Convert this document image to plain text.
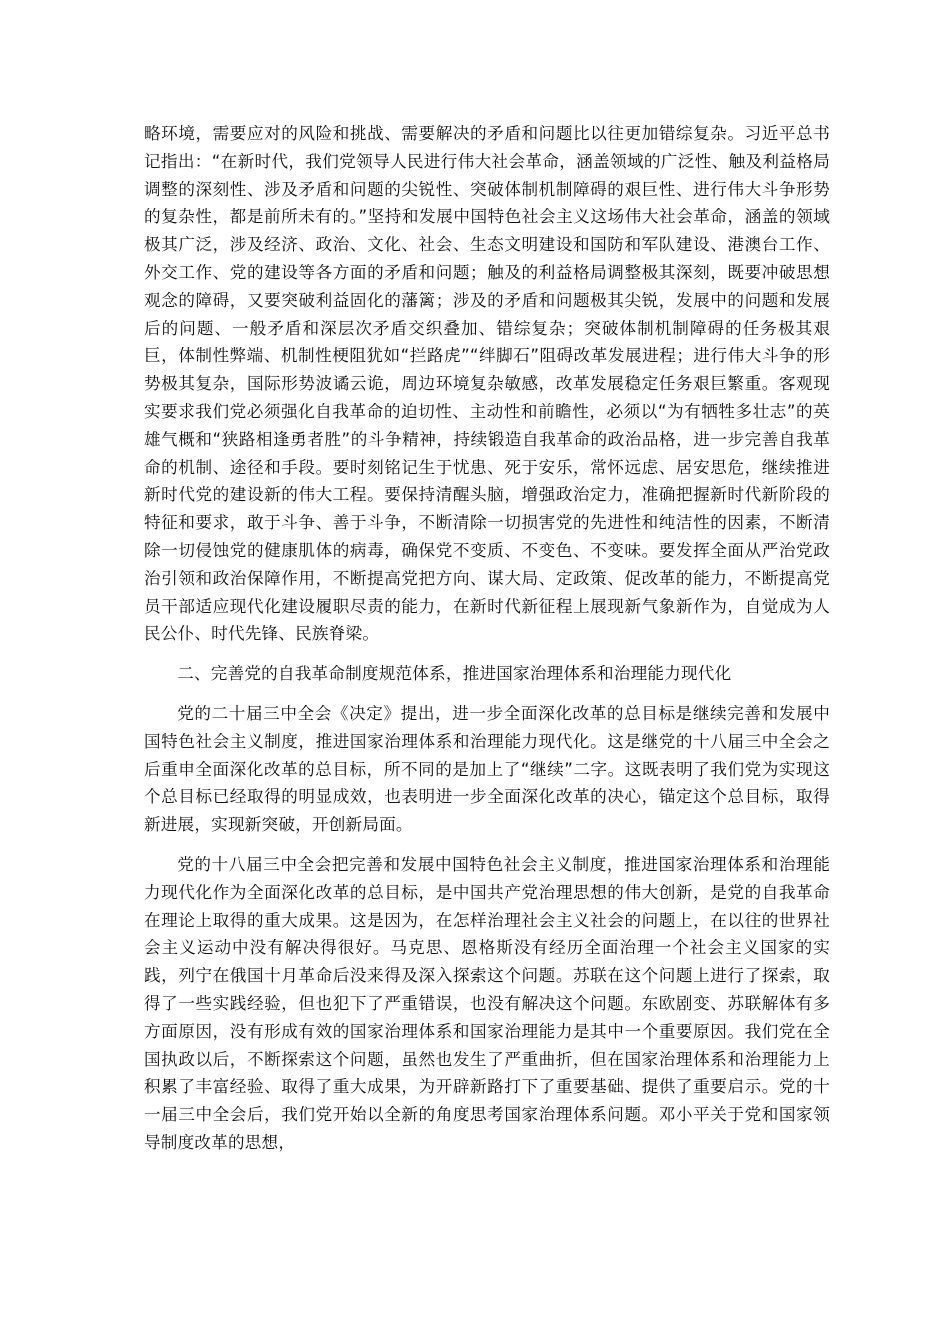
略环境，需要应对的风险和挑战、需要解决的矛盾和问题比以往更加错综复杂。习近平总书记指出：“在新时代，我们党领导人民进行伟大社会革命，涵盖领域的广泛性、触及利益格局调整的深刻性、涉及矛盾和问题的尖锐性、突破体制机制障碍的艰巨性、进行伟大斗争形势的复杂性，都是前所未有的。”坚持和发展中国特色社会主义这场伟大社会革命，涵盖的领域极其广泛，涉及经济、政治、文化、社会、生态文明建设和国防和军队建设、港澳台工作、外交工作、党的建设等各方面的矛盾和问题；触及的利益格局调整极其深刻，既要冲破思想观念的障碍，又要突破利益固化的藩篱；涉及的矛盾和问题极其尖锐，发展中的问题和发展后的问题、一般矛盾和深层次矛盾交织叠加、错综复杂；突破体制机制障碍的任务极其艰巨，体制性弊端、机制性梗阻犹如“拦路虎”“绊脚石”阻碍改革发展进程；进行伟大斗争的形势极其复杂，国际形势波谲云诡，周边环境复杂敏感，改革发展稳定任务艰巨繁重。客观现实要求我们党必须强化自我革命的迫切性、主动性和前瞻性，必须以“为有牺牲多壮志”的英雄气概和“狭路相逢勇者胜”的斗争精神，持续锻造自我革命的政治品格，进一步完善自我革命的机制、途径和手段。要时刻铭记生于忧患、死于安乐，常怀远虑、居安思危，继续推进新时代党的建设新的伟大工程。要保持清醒头脑，增强政治定力，准确把握新时代新阶段的特征和要求，敢于斗争、善于斗争，不断清除一切损害党的先进性和纯洁性的因素，不断清除一切侵蚀党的健康肌体的病毒，确保党不变质、不变色、不变味。要发挥全面从严治党政治引领和政治保障作用，不断提高党把方向、谋大局、定政策、促改革的能力，不断提高党员干部适应现代化建设履职尽责的能力，在新时代新征程上展现新气象新作为，自觉成为人民公仆、时代先锋、民族脊梁。

二、完善党的自我革命制度规范体系，推进国家治理体系和治理能力现代化

党的二十届三中全会《决定》提出，进一步全面深化改革的总目标是继续完善和发展中国特色社会主义制度，推进国家治理体系和治理能力现代化。这是继党的十八届三中全会之后重申全面深化改革的总目标，所不同的是加上了“继续”二字。这既表明了我们党为实现这个总目标已经取得的明显成效，也表明进一步全面深化改革的决心，锚定这个总目标，取得新进展，实现新突破，开创新局面。

党的十八届三中全会把完善和发展中国特色社会主义制度，推进国家治理体系和治理能力现代化作为全面深化改革的总目标，是中国共产党治理思想的伟大创新，是党的自我革命在理论上取得的重大成果。这是因为，在怎样治理社会主义社会的问题上，在以往的世界社会主义运动中没有解决得很好。马克思、恩格斯没有经历全面治理一个社会主义国家的实践，列宁在俄国十月革命后没来得及深入探索这个问题。苏联在这个问题上进行了探索，取得了一些实践经验，但也犯下了严重错误，也没有解决这个问题。东欧剧变、苏联解体有多方面原因，没有形成有效的国家治理体系和国家治理能力是其中一个重要原因。我们党在全国执政以后，不断探索这个问题，虽然也发生了严重曲折，但在国家治理体系和治理能力上积累了丰富经验、取得了重大成果，为开辟新路打下了重要基础、提供了重要启示。党的十一届三中全会后，我们党开始以全新的角度思考国家治理体系问题。邓小平关于党和国家领导制度改革的思想，
